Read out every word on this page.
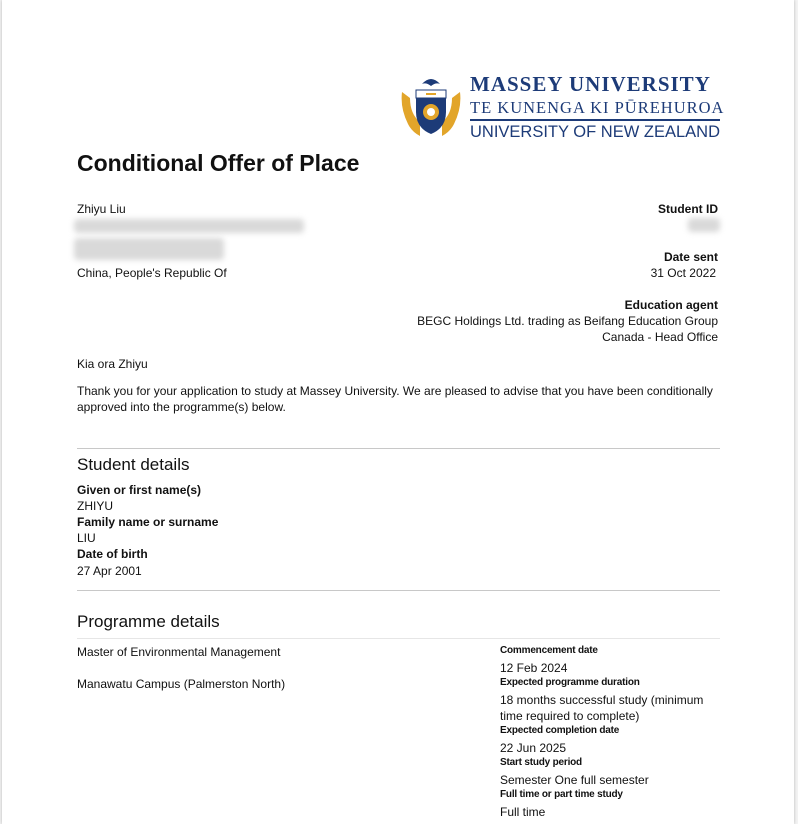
MASSEY UNIVERSITY
TE KUNENGA KI PŪREHUROA
UNIVERSITY OF NEW ZEALAND
Conditional Offer of Place
Zhiyu Liu
China, People's Republic Of
Student ID
Date sent
31 Oct 2022
Education agent
BEGC Holdings Ltd. trading as Beifang Education Group
Canada - Head Office
Kia ora Zhiyu
Thank you for your application to study at Massey University. We are pleased to advise that you have been conditionally
approved into the programme(s) below.
Student details
Given or first name(s)
ZHIYU
Family name or surname
LIU
Date of birth
27 Apr 2001
Programme details
Master of Environmental Management
Manawatu Campus (Palmerston North)
Commencement date
12 Feb 2024
Expected programme duration
18 months successful study (minimum
time required to complete)
Expected completion date
22 Jun 2025
Start study period
Semester One full semester
Full time or part time study
Full time
